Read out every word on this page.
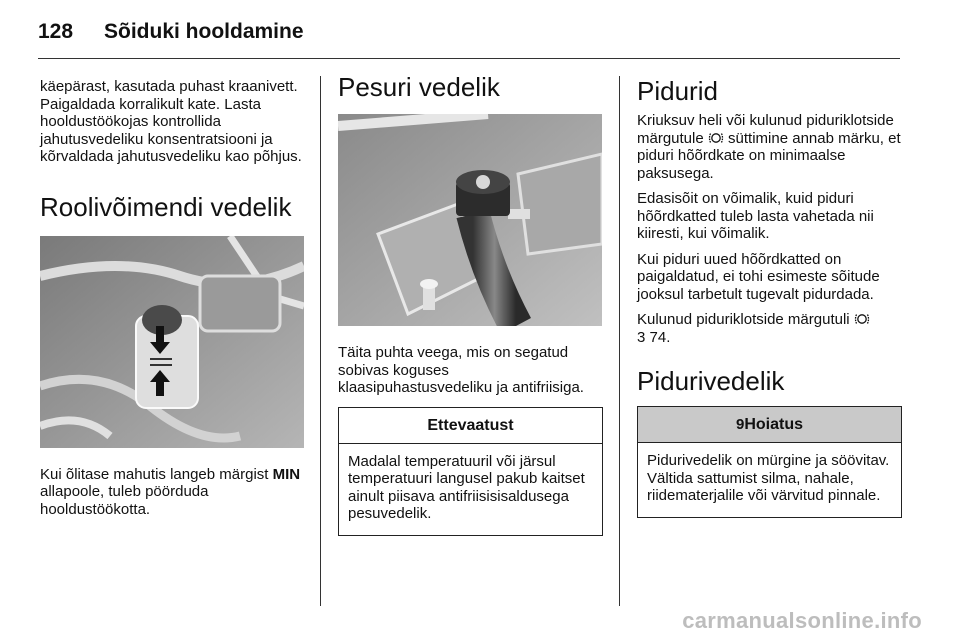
128 Sõiduki hooldamine

käepärast, kasutada puhast kraanivett. Paigaldada korralikult kate. Lasta hooldustöökojas kontrollida jahutusvedeliku konsentratsiooni ja kõrvaldada jahutusvedeliku kao põhjus.

Roolivõimendi vedelik

Kui õlitase mahutis langeb märgist MIN allapoole, tuleb pöörduda hooldustöökotta.

Pesuri vedelik

Täita puhta veega, mis on segatud sobivas koguses klaasipuhastusvedeliku ja antifriisiga.

Ettevaatust

Madalal temperatuuril või järsul temperatuuri langusel pakub kaitset ainult piisava antifriisisisaldusega pesuvedelik.

Pidurid

Kriuksuv heli või kulunud piduriklotside märgutule süttimine annab märku, et piduri hõõrdkate on minimaalse paksusega.

Edasisõit on võimalik, kuid piduri hõõrdkatted tuleb lasta vahetada nii kiiresti, kui võimalik.

Kui piduri uued hõõrdkatted on paigaldatud, ei tohi esimeste sõitude jooksul tarbetult tugevalt pidurdada.

Kulunud piduriklotside märgutuli
3 74.

Pidurivedelik
9Hoiatus

Pidurivedelik on mürgine ja söövitav. Vältida sattumist silma, nahale, riidematerjalile või värvitud pinnale.

carmanualsonline.info
